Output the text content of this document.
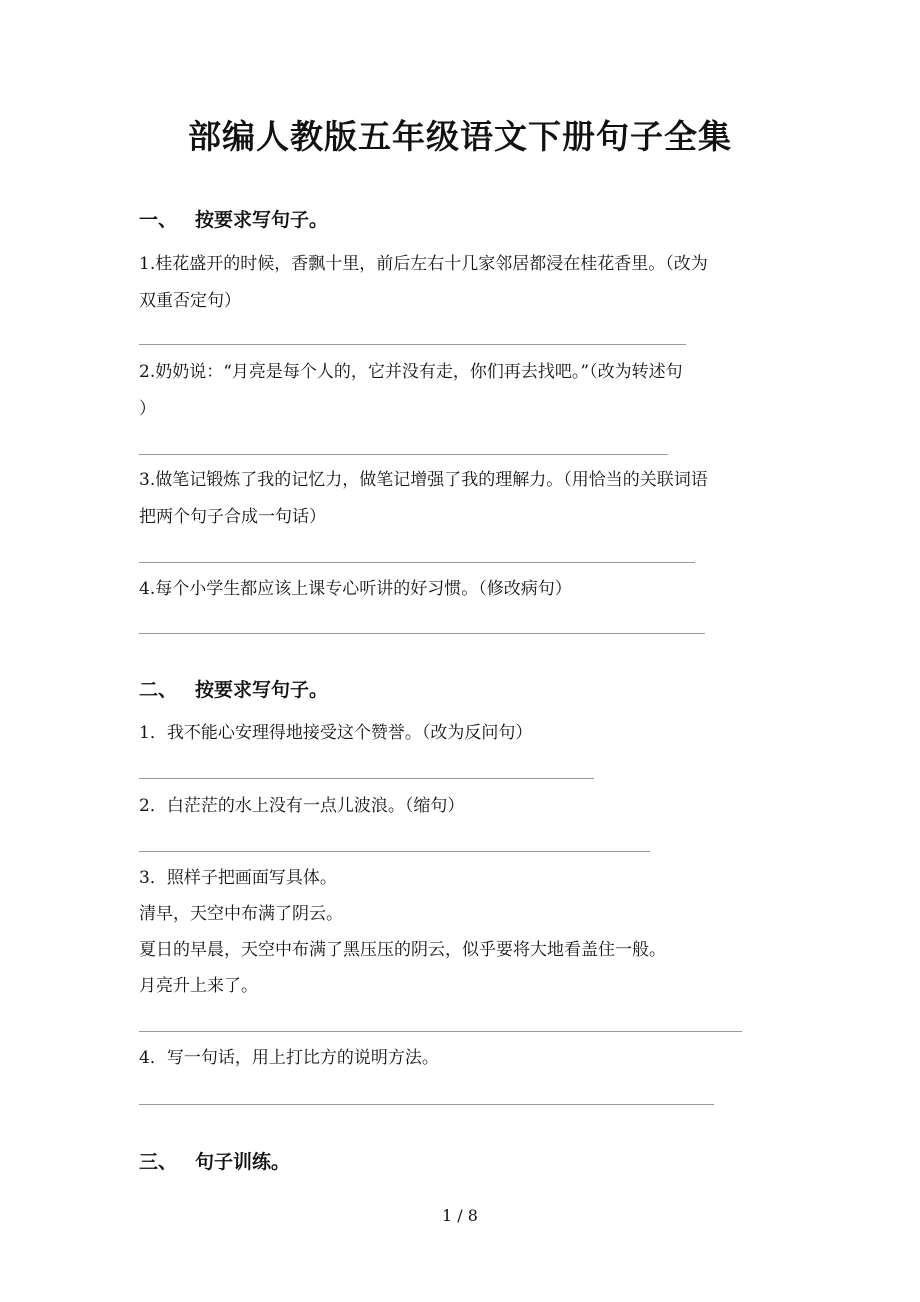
部编人教版五年级语文下册句子全集
一、 按要求写句子。
1.桂花盛开的时候，香飘十里，前后左右十几家邻居都浸在桂花香里。（改为
双重否定句）
2.奶奶说：“月亮是每个人的，它并没有走，你们再去找吧。”（改为转述句
）
3.做笔记锻炼了我的记忆力，做笔记增强了我的理解力。（用恰当的关联词语
把两个句子合成一句话）
4.每个小学生都应该上课专心听讲的好习惯。（修改病句）
二、 按要求写句子。
1．我不能心安理得地接受这个赞誉。（改为反问句）
2．白茫茫的水上没有一点儿波浪。（缩句）
3．照样子把画面写具体。
清早，天空中布满了阴云。
夏日的早晨，天空中布满了黑压压的阴云，似乎要将大地看盖住一般。
月亮升上来了。
4．写一句话，用上打比方的说明方法。
三、 句子训练。
1 / 8
